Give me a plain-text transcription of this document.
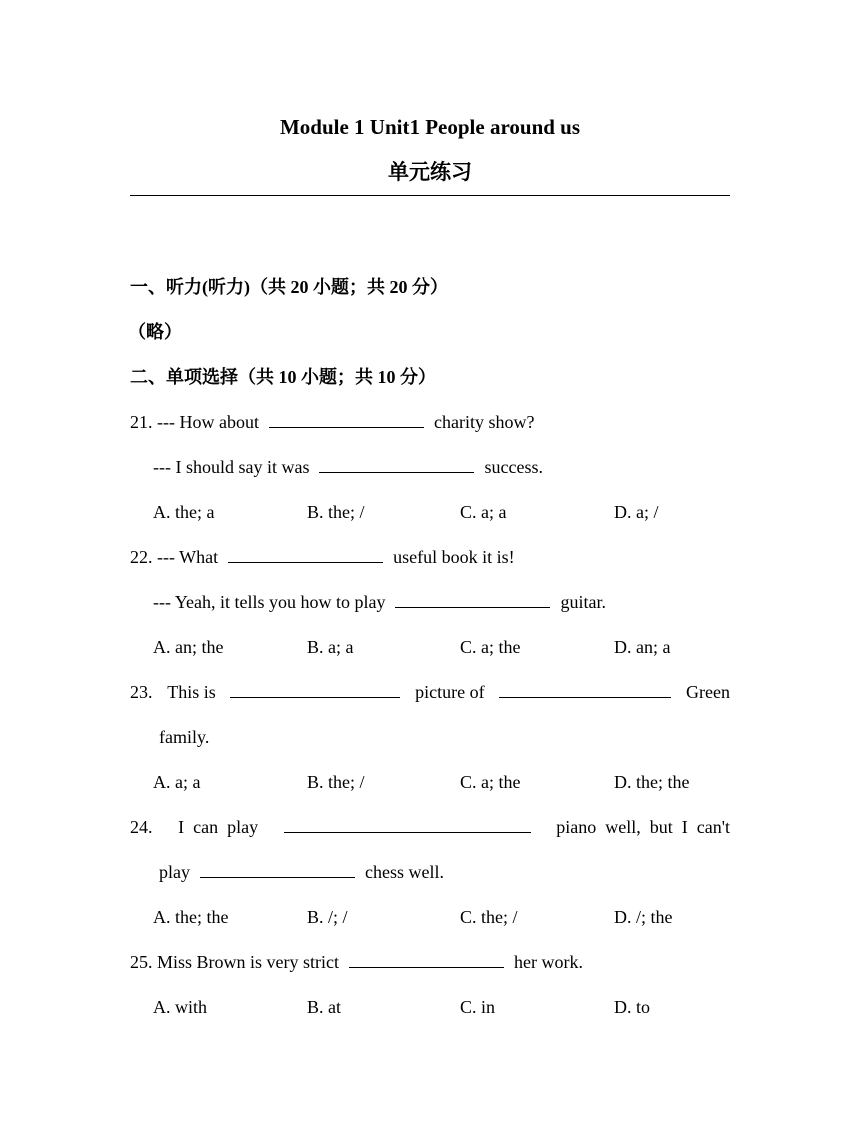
Module 1 Unit1 People around us
单元练习
一、听力(听力)（共 20 小题；共 20 分）
（略）
二、单项选择（共 10 小题；共 10 分）
21. --- How about	charity show?
--- I should say it was	success.
A. the; a	B. the; /	C. a; a	D. a; /
22. --- What	useful book it is!
--- Yeah, it tells you how to play	guitar.
A. an; the	B. a; a	C. a; the	D. an; a
23. This is	picture of	Green
family.
A. a; a	B. the; /	C. a; the	D. the; the
24. I  can  play	piano  well,  but  I  can't
play	chess well.
A. the; the	B. /; /	C. the; /	D. /; the
25. Miss Brown is very strict	her work.
A. with	B. at	C. in	D. to
